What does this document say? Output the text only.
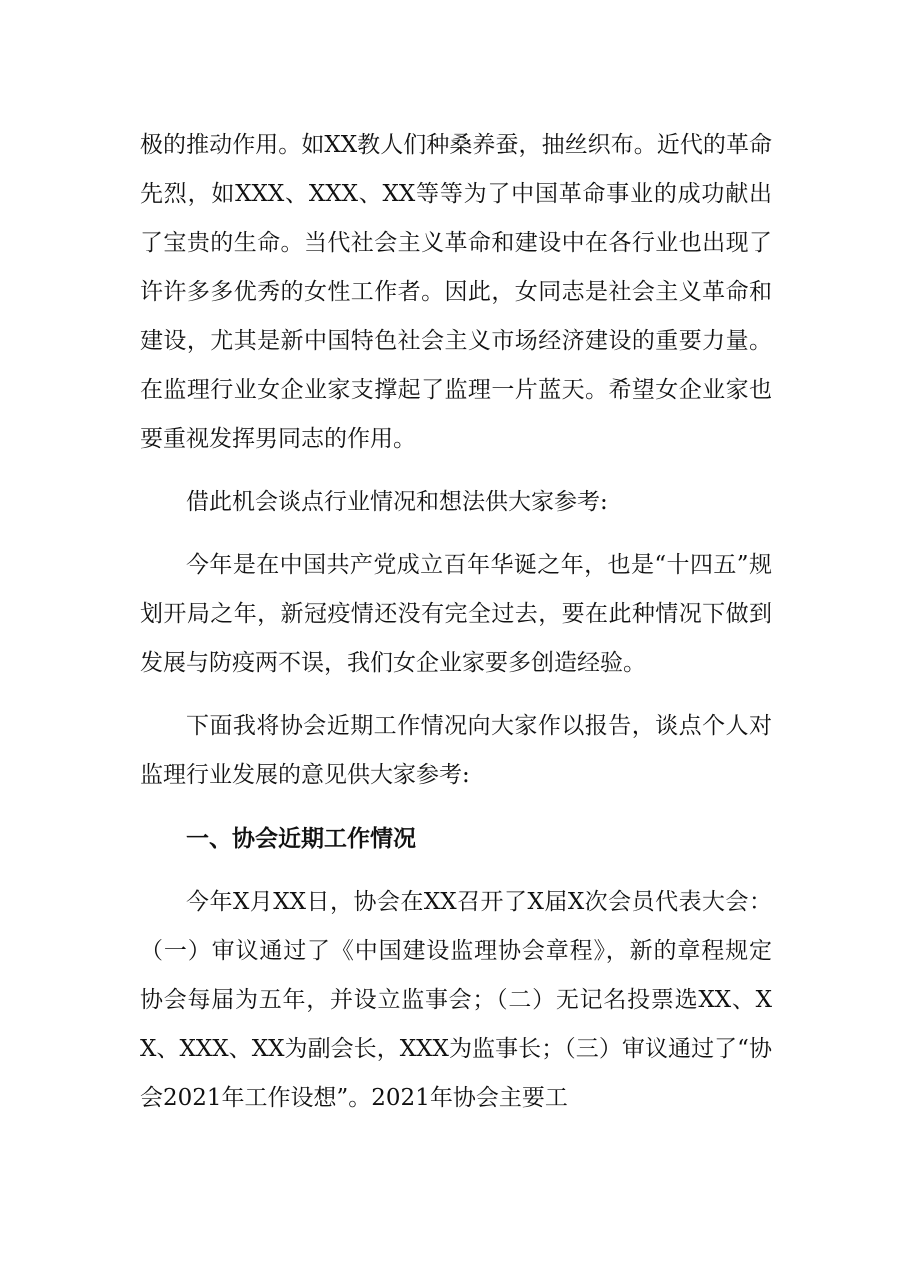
极的推动作用。如XX教人们种桑养蚕，抽丝织布。近代的革命先烈，如XXX、XXX、XX等等为了中国革命事业的成功献出了宝贵的生命。当代社会主义革命和建设中在各行业也出现了许许多多优秀的女性工作者。因此，女同志是社会主义革命和建设，尤其是新中国特色社会主义市场经济建设的重要力量。在监理行业女企业家支撑起了监理一片蓝天。希望女企业家也要重视发挥男同志的作用。

借此机会谈点行业情况和想法供大家参考:

今年是在中国共产党成立百年华诞之年，也是“十四五”规划开局之年，新冠疫情还没有完全过去，要在此种情况下做到发展与防疫两不误，我们女企业家要多创造经验。

下面我将协会近期工作情况向大家作以报告，谈点个人对监理行业发展的意见供大家参考:

一、协会近期工作情况

今年X月XX日，协会在XX召开了X届X次会员代表大会：（一）审议通过了《中国建设监理协会章程》，新的章程规定协会每届为五年，并设立监事会；（二）无记名投票选XX、XX、XXX、XX为副会长，XXX为监事长；（三）审议通过了“协会2021年工作设想”。2021年协会主要工
